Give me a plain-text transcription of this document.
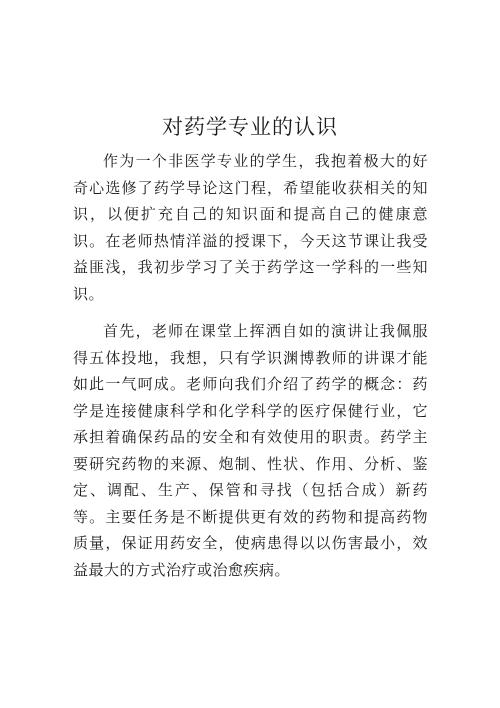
对药学专业的认识

作为一个非医学专业的学生，我抱着极大的好奇心选修了药学导论这门程，希望能收获相关的知识，以便扩充自己的知识面和提高自己的健康意识。在老师热情洋溢的授课下，今天这节课让我受益匪浅，我初步学习了关于药学这一学科的一些知识。

首先，老师在课堂上挥洒自如的演讲让我佩服得五体投地，我想，只有学识渊博教师的讲课才能如此一气呵成。老师向我们介绍了药学的概念：药学是连接健康科学和化学科学的医疗保健行业，它承担着确保药品的安全和有效使用的职责。药学主要研究药物的来源、炮制、性状、作用、分析、鉴定、调配、生产、保管和寻找（包括合成）新药等。主要任务是不断提供更有效的药物和提高药物质量，保证用药安全，使病患得以以伤害最小，效益最大的方式治疗或治愈疾病。
